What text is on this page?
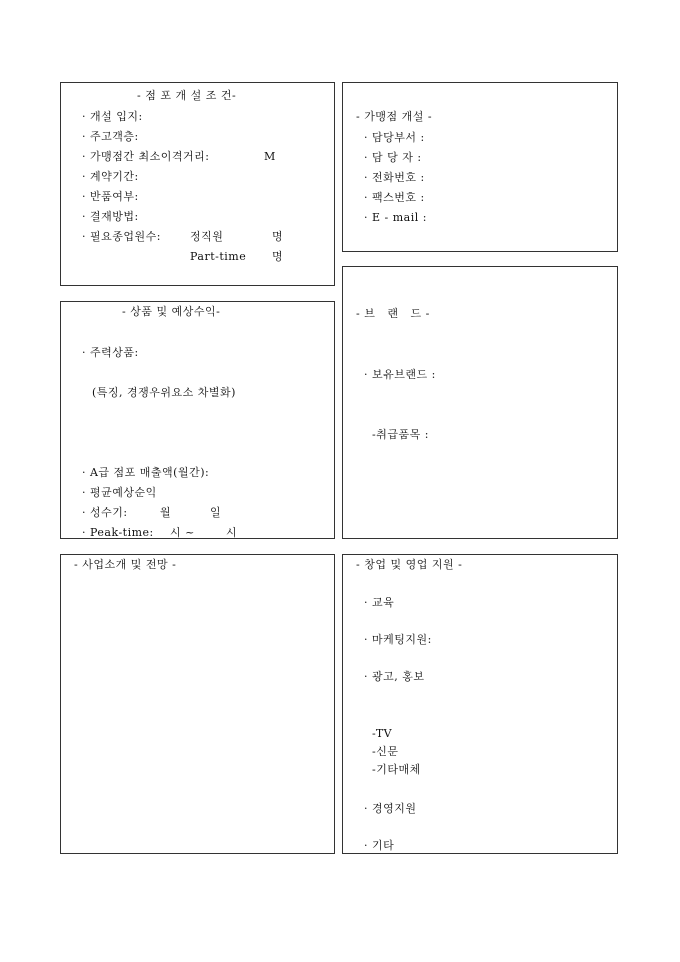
- 점 포 개 설 조 건-
· 개설 입지:
· 주고객층:
· 가맹점간 최소이격거리:	M
· 계약기간:
· 반품여부:
· 결재방법:
· 필요종업원수:	정직원	명
Part-time 명
- 가맹점 개설 -
· 담당부서 :
· 담 당 자 :
· 전화번호 :
· 팩스번호 :
· E - mail :
- 상품 및 예상수익-
· 주력상품:
(특징, 경쟁우위요소 차별화)
· A급 점포 매출액(월간):
· 평균예상순익
· 성수기:	월	일
· Peak-time: 시 ~	시
- 브   랜   드 -
· 보유브랜드 :
-취급품목 :
- 사업소개 및 전망 -	- 창업 및 영업 지원 -
· 교육
· 마케팅지원:
· 광고, 홍보
-TV
-신문
-기타매체
· 경영지원
· 기타
